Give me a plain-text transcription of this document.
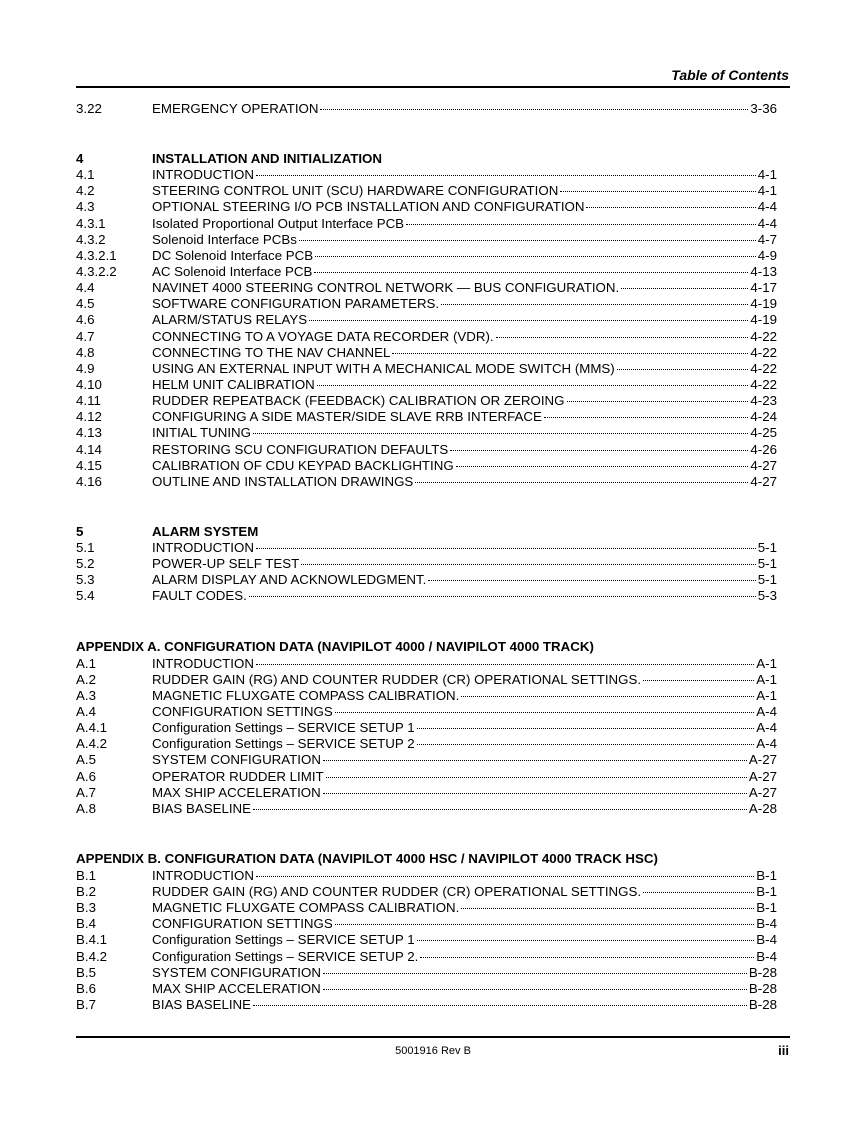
Table of Contents
3.22	EMERGENCY OPERATION	3-36
4	INSTALLATION AND INITIALIZATION
4.1	INTRODUCTION	4-1
4.2	STEERING CONTROL UNIT (SCU) HARDWARE CONFIGURATION	4-1
4.3	OPTIONAL STEERING I/O PCB INSTALLATION AND CONFIGURATION	4-4
4.3.1	Isolated Proportional Output Interface PCB	4-4
4.3.2	Solenoid Interface PCBs	4-7
4.3.2.1	DC Solenoid Interface PCB	4-9
4.3.2.2	AC Solenoid Interface PCB	4-13
4.4	NAVINET 4000 STEERING CONTROL NETWORK — BUS CONFIGURATION.	4-17
4.5	SOFTWARE CONFIGURATION PARAMETERS.	4-19
4.6	ALARM/STATUS RELAYS	4-19
4.7	CONNECTING TO A VOYAGE DATA RECORDER (VDR).	4-22
4.8	CONNECTING TO THE NAV CHANNEL	4-22
4.9	USING AN EXTERNAL INPUT WITH A MECHANICAL MODE SWITCH (MMS)	4-22
4.10	HELM UNIT CALIBRATION	4-22
4.11	RUDDER REPEATBACK (FEEDBACK) CALIBRATION OR ZEROING	4-23
4.12	CONFIGURING A SIDE MASTER/SIDE SLAVE RRB INTERFACE	4-24
4.13	INITIAL TUNING	4-25
4.14	RESTORING SCU CONFIGURATION DEFAULTS	4-26
4.15	CALIBRATION OF CDU KEYPAD BACKLIGHTING	4-27
4.16	OUTLINE AND INSTALLATION DRAWINGS	4-27
5	ALARM SYSTEM
5.1	INTRODUCTION	5-1
5.2	POWER-UP SELF TEST	5-1
5.3	ALARM DISPLAY AND ACKNOWLEDGMENT.	5-1
5.4	FAULT CODES.	5-3
APPENDIX A. CONFIGURATION DATA (NAVIPILOT 4000 / NAVIPILOT 4000 TRACK)
A.1	INTRODUCTION	A-1
A.2	RUDDER GAIN (RG) AND COUNTER RUDDER (CR) OPERATIONAL SETTINGS.	A-1
A.3	MAGNETIC FLUXGATE COMPASS CALIBRATION.	A-1
A.4	CONFIGURATION SETTINGS	A-4
A.4.1	Configuration Settings – SERVICE SETUP 1	A-4
A.4.2	Configuration Settings – SERVICE SETUP 2	A-4
A.5	SYSTEM CONFIGURATION	A-27
A.6	OPERATOR RUDDER LIMIT	A-27
A.7	MAX SHIP ACCELERATION	A-27
A.8	BIAS BASELINE	A-28
APPENDIX B. CONFIGURATION DATA (NAVIPILOT 4000 HSC / NAVIPILOT 4000 TRACK HSC)
B.1	INTRODUCTION	B-1
B.2	RUDDER GAIN (RG) AND COUNTER RUDDER (CR) OPERATIONAL SETTINGS.	B-1
B.3	MAGNETIC FLUXGATE COMPASS CALIBRATION.	B-1
B.4	CONFIGURATION SETTINGS	B-4
B.4.1	Configuration Settings – SERVICE SETUP 1	B-4
B.4.2	Configuration Settings – SERVICE SETUP 2.	B-4
B.5	SYSTEM CONFIGURATION	B-28
B.6	MAX SHIP ACCELERATION	B-28
B.7	BIAS BASELINE	B-28
5001916 Rev B	iii
